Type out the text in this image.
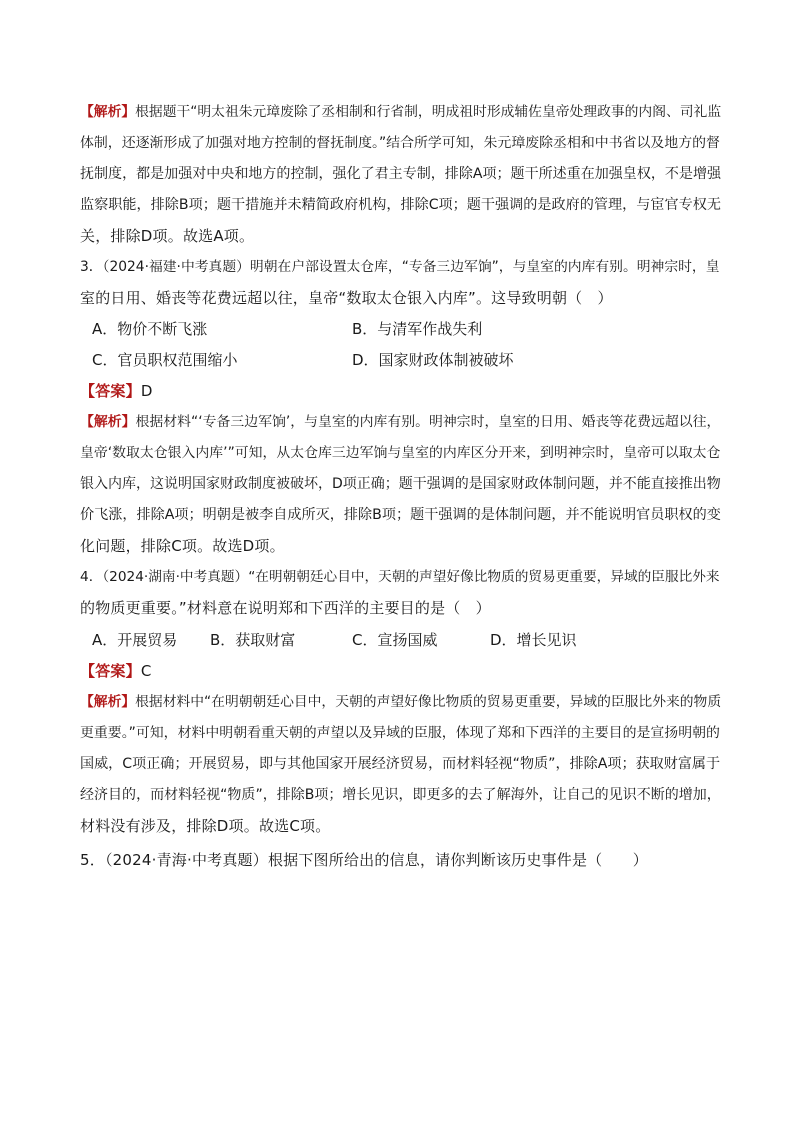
【解析】根据题干“明太祖朱元璋废除了丞相制和行省制，明成祖时形成辅佐皇帝处理政事的内阁、司礼监
体制，还逐渐形成了加强对地方控制的督抚制度。”结合所学可知，朱元璋废除丞相和中书省以及地方的督
抚制度，都是加强对中央和地方的控制，强化了君主专制，排除A项；题干所述重在加强皇权，不是增强
监察职能，排除B项；题干措施并未精简政府机构，排除C项；题干强调的是政府的管理，与宦官专权无
关，排除D项。故选A项。
3．（2024·福建·中考真题）明朝在户部设置太仓库，“专备三边军饷”，与皇室的内库有别。明神宗时，皇
室的日用、婚丧等花费远超以往，皇帝“数取太仓银入内库”。这导致明朝（　）
A．物价不断飞涨	B．与清军作战失利
C．官员职权范围缩小	D．国家财政体制被破坏
【答案】D
【解析】根据材料“‘专备三边军饷’，与皇室的内库有别。明神宗时，皇室的日用、婚丧等花费远超以往，
皇帝‘数取太仓银入内库’”可知，从太仓库三边军饷与皇室的内库区分开来，到明神宗时，皇帝可以取太仓
银入内库，这说明国家财政制度被破坏，D项正确；题干强调的是国家财政体制问题，并不能直接推出物
价飞涨，排除A项；明朝是被李自成所灭，排除B项；题干强调的是体制问题，并不能说明官员职权的变
化问题，排除C项。故选D项。
4．（2024·湖南·中考真题）“在明朝朝廷心目中，天朝的声望好像比物质的贸易更重要，异域的臣服比外来
的物质更重要。”材料意在说明郑和下西洋的主要目的是（　）
A．开展贸易 B．获取财富	C．宣扬国威	D．增长见识
【答案】C
【解析】根据材料中“在明朝朝廷心目中，天朝的声望好像比物质的贸易更重要，异域的臣服比外来的物质
更重要。”可知，材料中明朝看重天朝的声望以及异域的臣服，体现了郑和下西洋的主要目的是宣扬明朝的
国威，C项正确；开展贸易，即与其他国家开展经济贸易，而材料轻视“物质”，排除A项；获取财富属于
经济目的，而材料轻视“物质”，排除B项；增长见识，即更多的去了解海外，让自己的见识不断的增加，
材料没有涉及，排除D项。故选C项。
5．（2024·青海·中考真题）根据下图所给出的信息，请你判断该历史事件是（　　）
